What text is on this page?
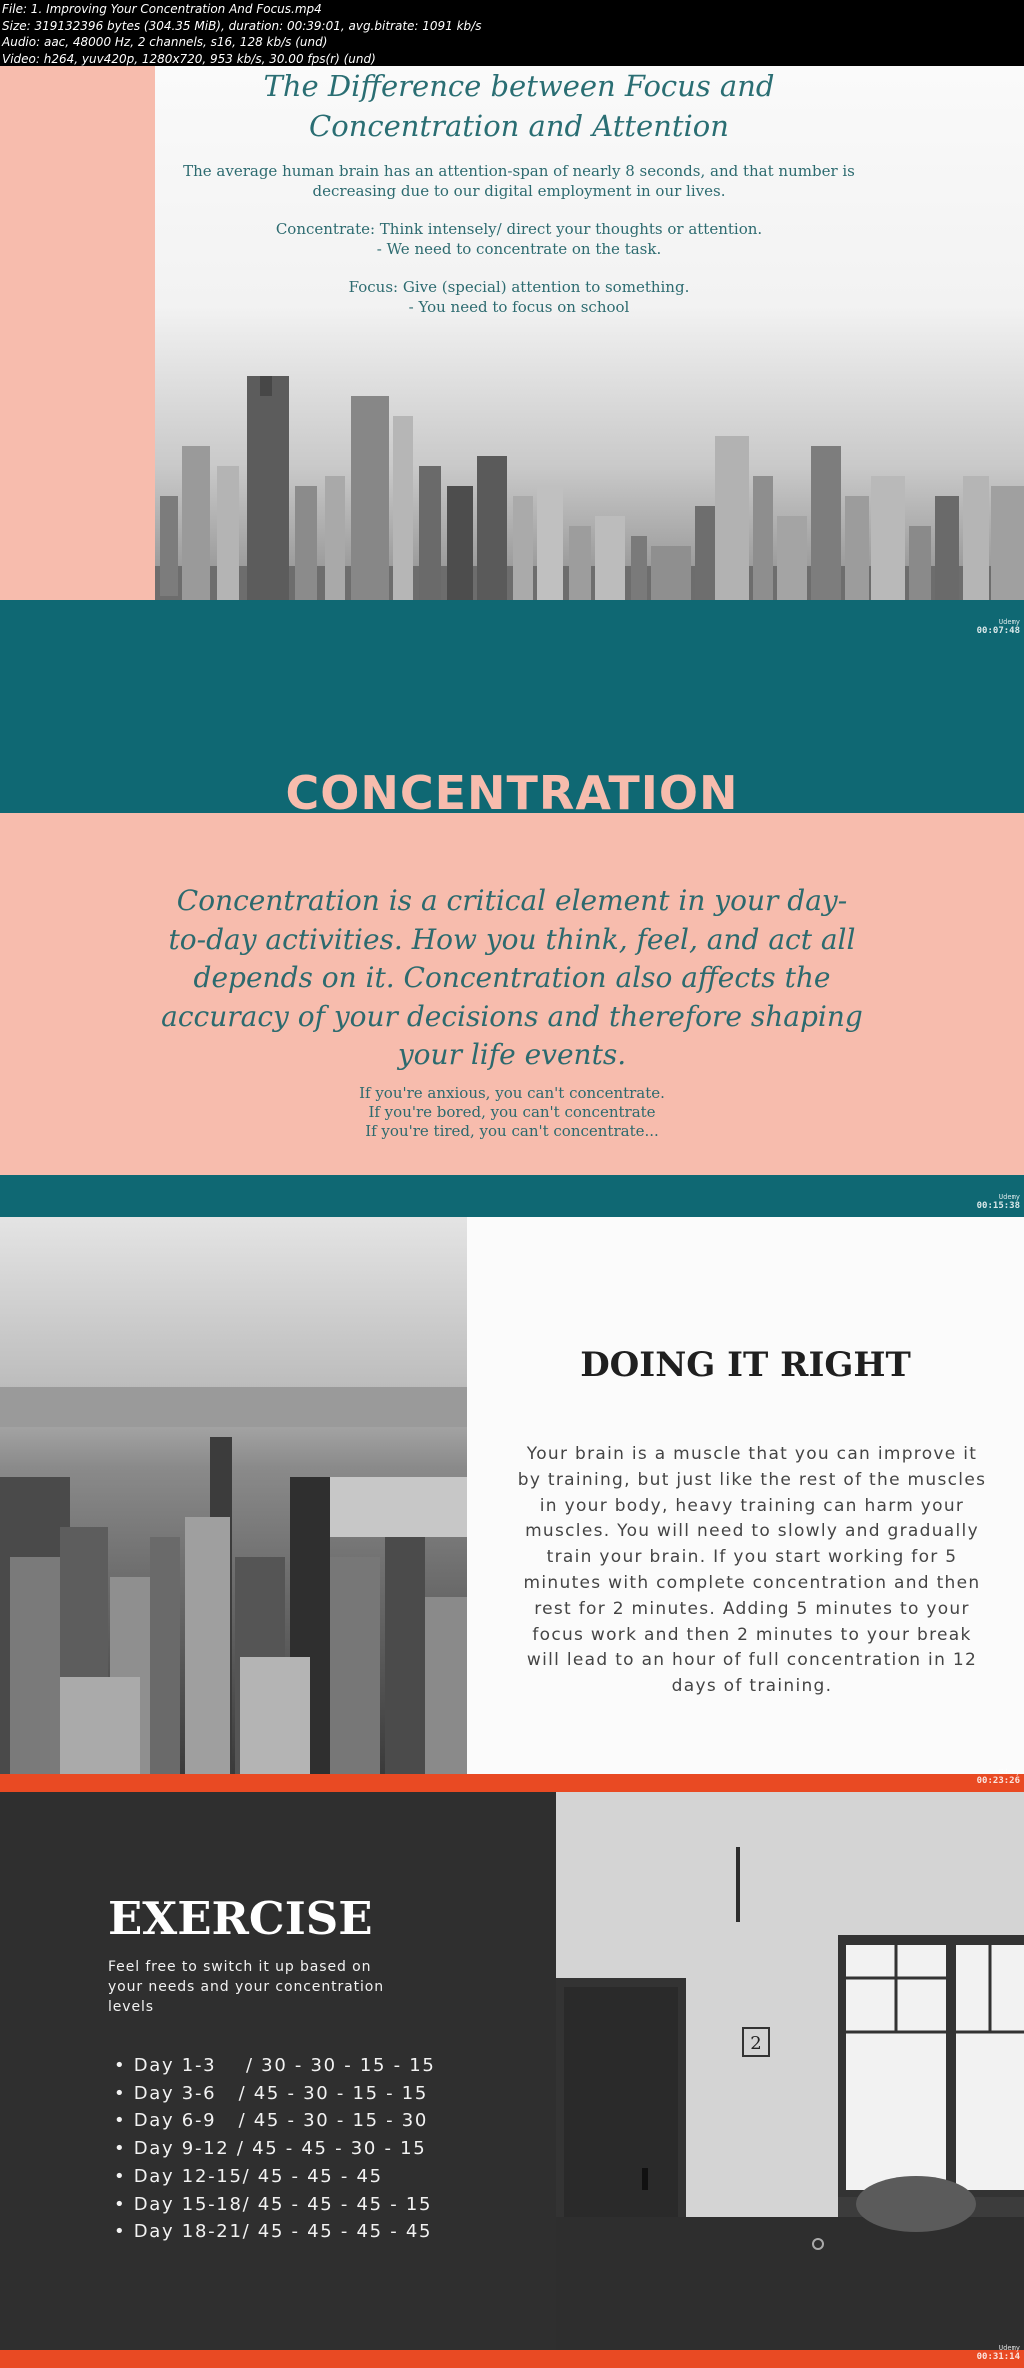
File: 1. Improving Your Concentration And Focus.mp4
Size: 319132396 bytes (304.35 MiB), duration: 00:39:01, avg.bitrate: 1091 kb/s
Audio: aac, 48000 Hz, 2 channels, s16, 128 kb/s (und)
Video: h264, yuv420p, 1280x720, 953 kb/s, 30.00 fps(r) (und)
The Difference between Focus and Concentration and Attention

The average human brain has an attention-span of nearly 8 seconds, and that number is decreasing due to our digital employment in our lives.

Concentrate: Think intensely/ direct your thoughts or attention.

- We need to concentrate on the task.

Focus: Give (special) attention to something.

- You need to focus on school

Udemy
00:07:48
CONCENTRATION
Concentration is a critical element in your day-to-day activities. How you think, feel, and act all depends on it. Concentration also affects the accuracy of your decisions and therefore shaping your life events.
If you're anxious, you can't concentrate.
If you're bored, you can't concentrate
If you're tired, you can't concentrate...
Udemy
00:15:38
DOING IT RIGHT
Your brain is a muscle that you can improve it by training, but just like the rest of the muscles in your body, heavy training can harm your muscles. You will need to slowly and gradually train your brain. If you start working for 5 minutes with complete concentration and then rest for 2 minutes. Adding 5 minutes to your focus work and then 2 minutes to your break will lead to an hour of full concentration in 12 days of training.
Udemy
00:23:26
2
EXERCISE
Feel free to switch it up based on your needs and your concentration levels
• Day 1-3    / 30 - 30 - 15 - 15
• Day 3-6   / 45 - 30 - 15 - 15
• Day 6-9   / 45 - 30 - 15 - 30
• Day 9-12 / 45 - 45 - 30 - 15
• Day 12-15/ 45 - 45 - 45
• Day 15-18/ 45 - 45 - 45 - 15
• Day 18-21/ 45 - 45 - 45 - 45
Udemy
00:31:14
